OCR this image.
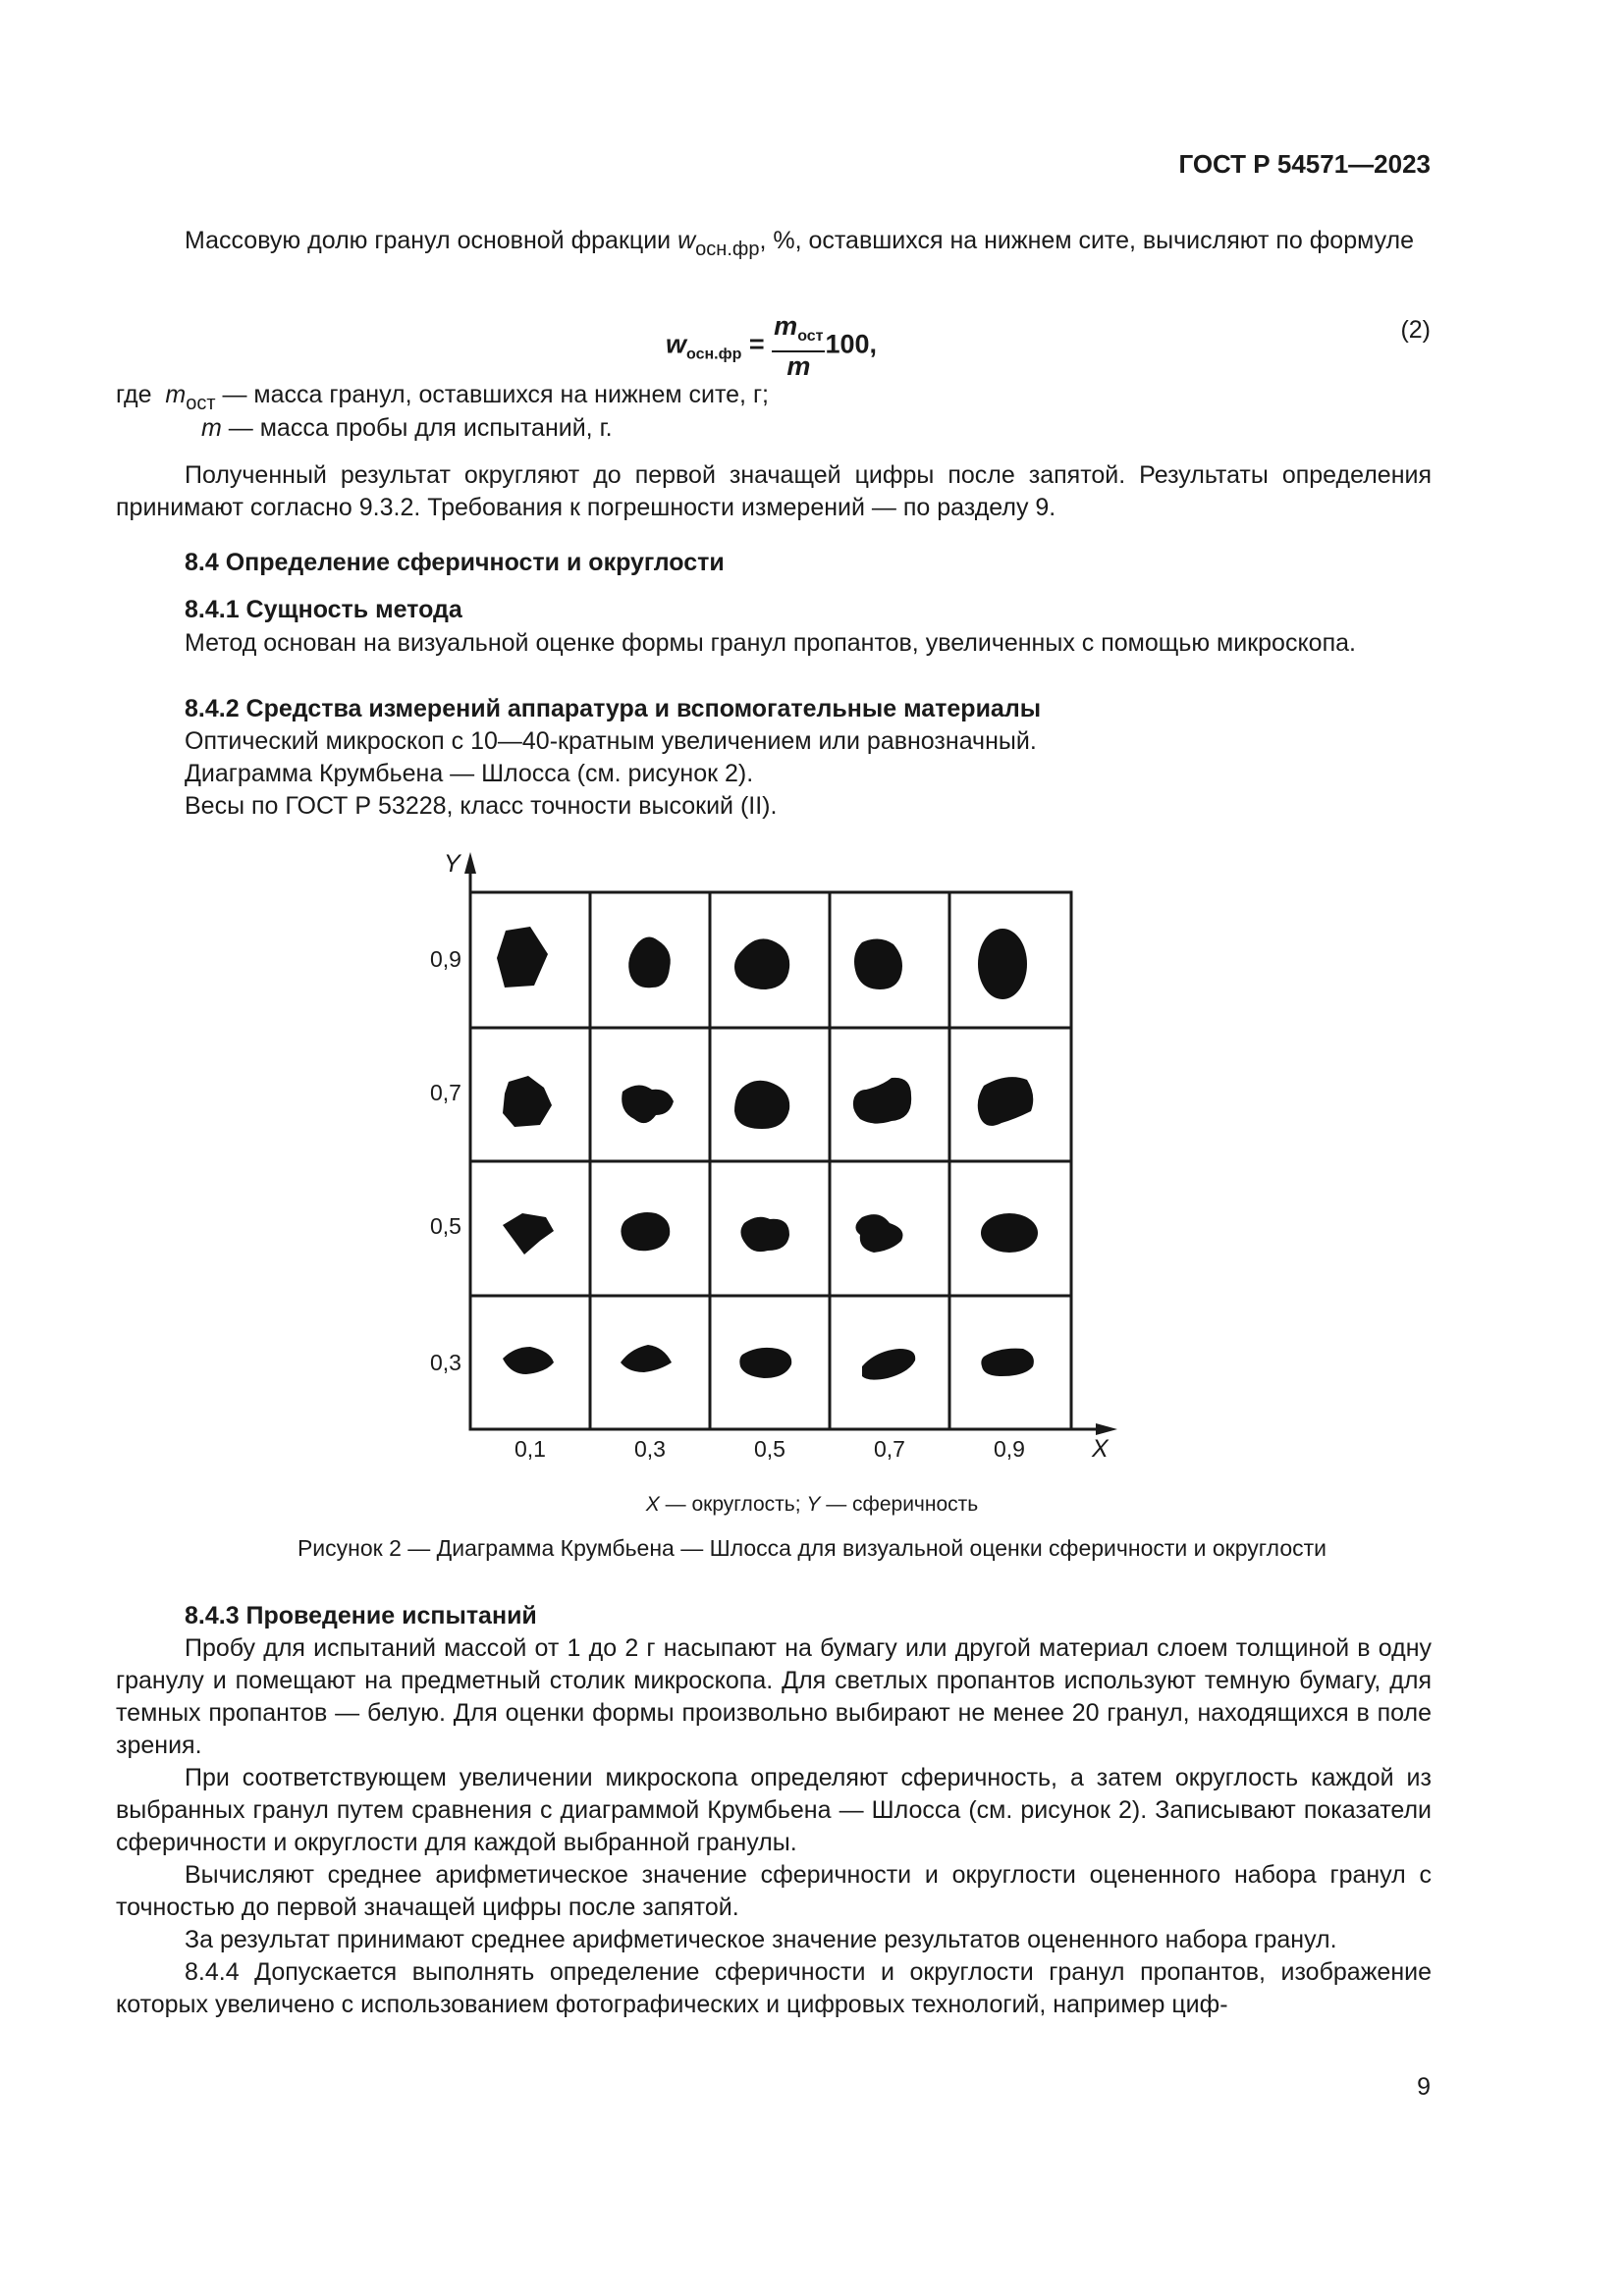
ГОСТ Р 54571—2023

Массовую долю гранул основной фракции $w_{осн.фр}$, %, оставшихся на нижнем сите, вычисляют по формуле

$w_{осн.фр} = \frac{m_{ост}}{m} 100$,	(2)

где $m_{ост}$ — масса гранул, оставшихся на нижнем сите, г;

m — масса пробы для испытаний, г.

Полученный результат округляют до первой значащей цифры после запятой. Результаты определения принимают согласно 9.3.2. Требования к погрешности измерений — по разделу 9.

8.4 Определение сферичности и округлости

8.4.1 Сущность метода

Метод основан на визуальной оценке формы гранул пропантов, увеличенных с помощью микроскопа.

8.4.2 Средства измерений аппаратура и вспомогательные материалы

Оптический микроскоп с 10—40-кратным увеличением или равнозначный.

Диаграмма Крумбьена — Шлосса (см. рисунок 2).

Весы по ГОСТ Р 53228, класс точности высокий (II).

Y
X
0,9
0,7
0,5
0,3
0,1	0,3	0,5	0,7	0,9
X — округлость; Y — сферичность
Рисунок 2 — Диаграмма Крумбьена — Шлосса для визуальной оценки сферичности и округлости

8.4.3 Проведение испытаний

Пробу для испытаний массой от 1 до 2 г насыпают на бумагу или другой материал слоем толщиной в одну гранулу и помещают на предметный столик микроскопа. Для светлых пропантов используют темную бумагу, для темных пропантов — белую. Для оценки формы произвольно выбирают не менее 20 гранул, находящихся в поле зрения.

При соответствующем увеличении микроскопа определяют сферичность, а затем округлость каждой из выбранных гранул путем сравнения с диаграммой Крумбьена — Шлосса (см. рисунок 2). Записывают показатели сферичности и округлости для каждой выбранной гранулы.

Вычисляют среднее арифметическое значение сферичности и округлости оцененного набора гранул с точностью до первой значащей цифры после запятой.

За результат принимают среднее арифметическое значение результатов оцененного набора гранул.

8.4.4 Допускается выполнять определение сферичности и округлости гранул пропантов, изображение которых увеличено с использованием фотографических и цифровых технологий, например циф-

9
